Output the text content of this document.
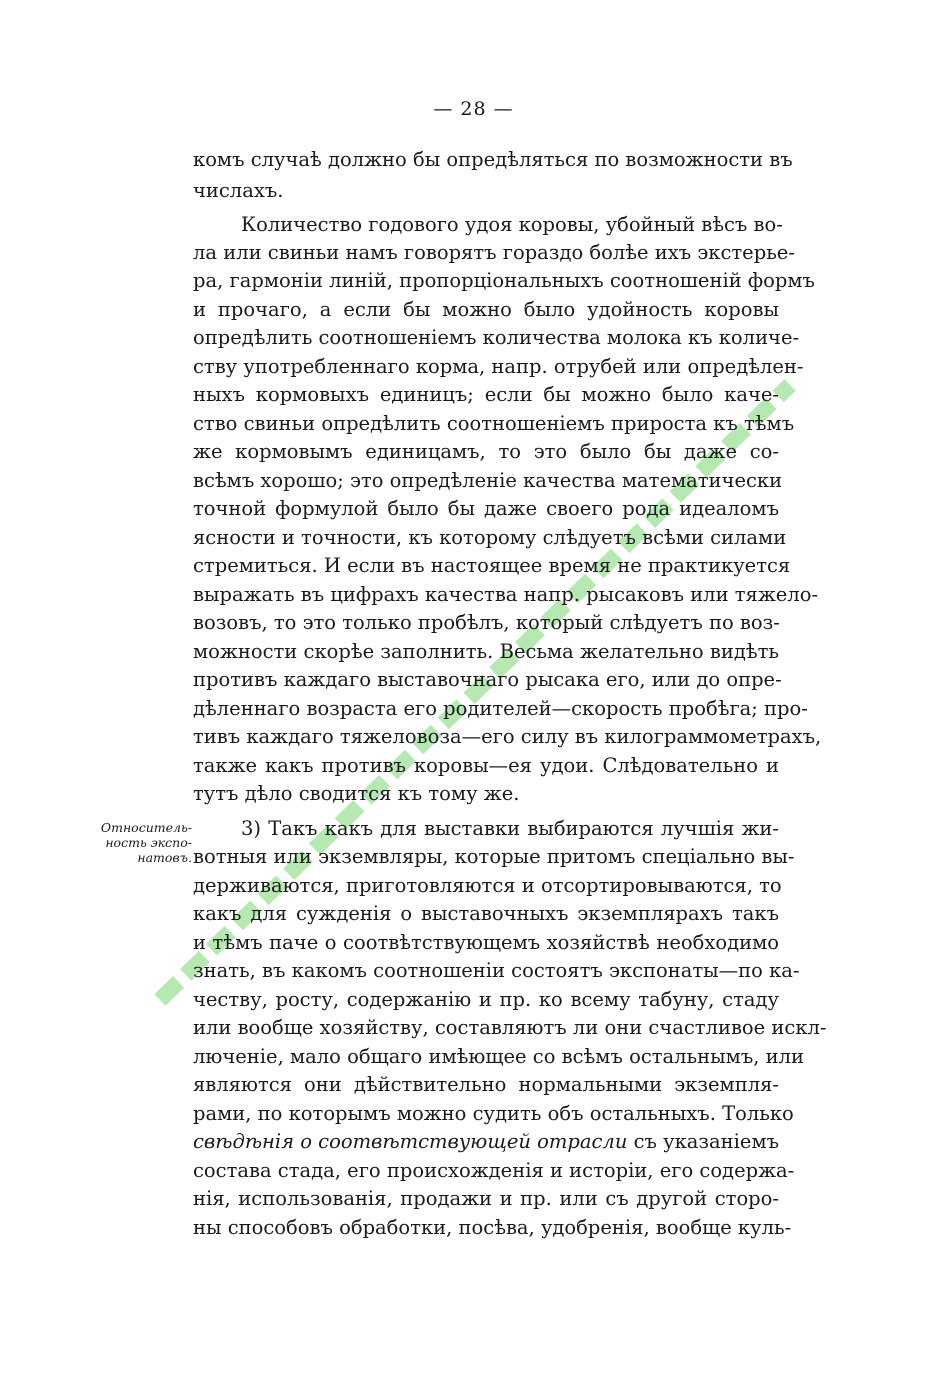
— 28 —
Относитель-
ность экспо-
натовъ.
комъ случаѣ должно бы опредѣляться по возможности въ
числахъ.
Количество годового удоя коровы, убойный вѣсъ во-
ла или свиньи намъ говорятъ гораздо болѣе ихъ экстерье-
ра, гармоніи линій, пропорціональныхъ соотношеній формъ
и прочаго, а если бы можно было удойность коровы
опредѣлить соотношеніемъ количества молока къ количе-
ству употребленнаго корма, напр. отрубей или опредѣлен-
ныхъ кормовыхъ единицъ; если бы можно было каче-
ство свиньи опредѣлить соотношеніемъ прироста къ тѣмъ
же кормовымъ единицамъ, то это было бы даже со-
всѣмъ хорошо; это опредѣленіе качества математически
точной формулой было бы даже своего рода идеаломъ
ясности и точности, къ которому слѣдуетъ всѣми силами
стремиться. И если въ настоящее время не практикуется
выражать въ цифрахъ качества напр. рысаковъ или тяжело-
возовъ, то это только пробѣлъ, который слѣдуетъ по воз-
можности скорѣе заполнить. Весьма желательно видѣть
противъ каждаго выставочнаго рысака его, или до опре-
дѣленнаго возраста его родителей—скорость пробѣга; про-
тивъ каждаго тяжеловоза—его силу въ килограммометрахъ,
также какъ противъ коровы—ея удои. Слѣдовательно и
тутъ дѣло сводится къ тому же.
3) Такъ какъ для выставки выбираются лучшія жи-
вотныя или экземвляры, которые притомъ спеціально вы-
держиваются, приготовляются и отсортировываются, то
какъ для сужденія о выставочныхъ экземплярахъ такъ
и тѣмъ паче о соотвѣтствующемъ хозяйствѣ необходимо
знать, въ какомъ соотношеніи состоятъ экспонаты—по ка-
честву, росту, содержанію и пр. ко всему табуну, стаду
или вообще хозяйству, составляютъ ли они счастливое искл-
люченіе, мало общаго имѣющее со всѣмъ остальнымъ, или
являются они дѣйствительно нормальными экземпля-
рами, по которымъ можно судить объ остальныхъ. Только
свѣдѣнія о соотвѣтствующей отрасли съ указаніемъ
состава стада, его происхожденія и исторіи, его содержа-
нія, использованія, продажи и пр. или съ другой сторо-
ны способовъ обработки, посѣва, удобренія, вообще куль-
